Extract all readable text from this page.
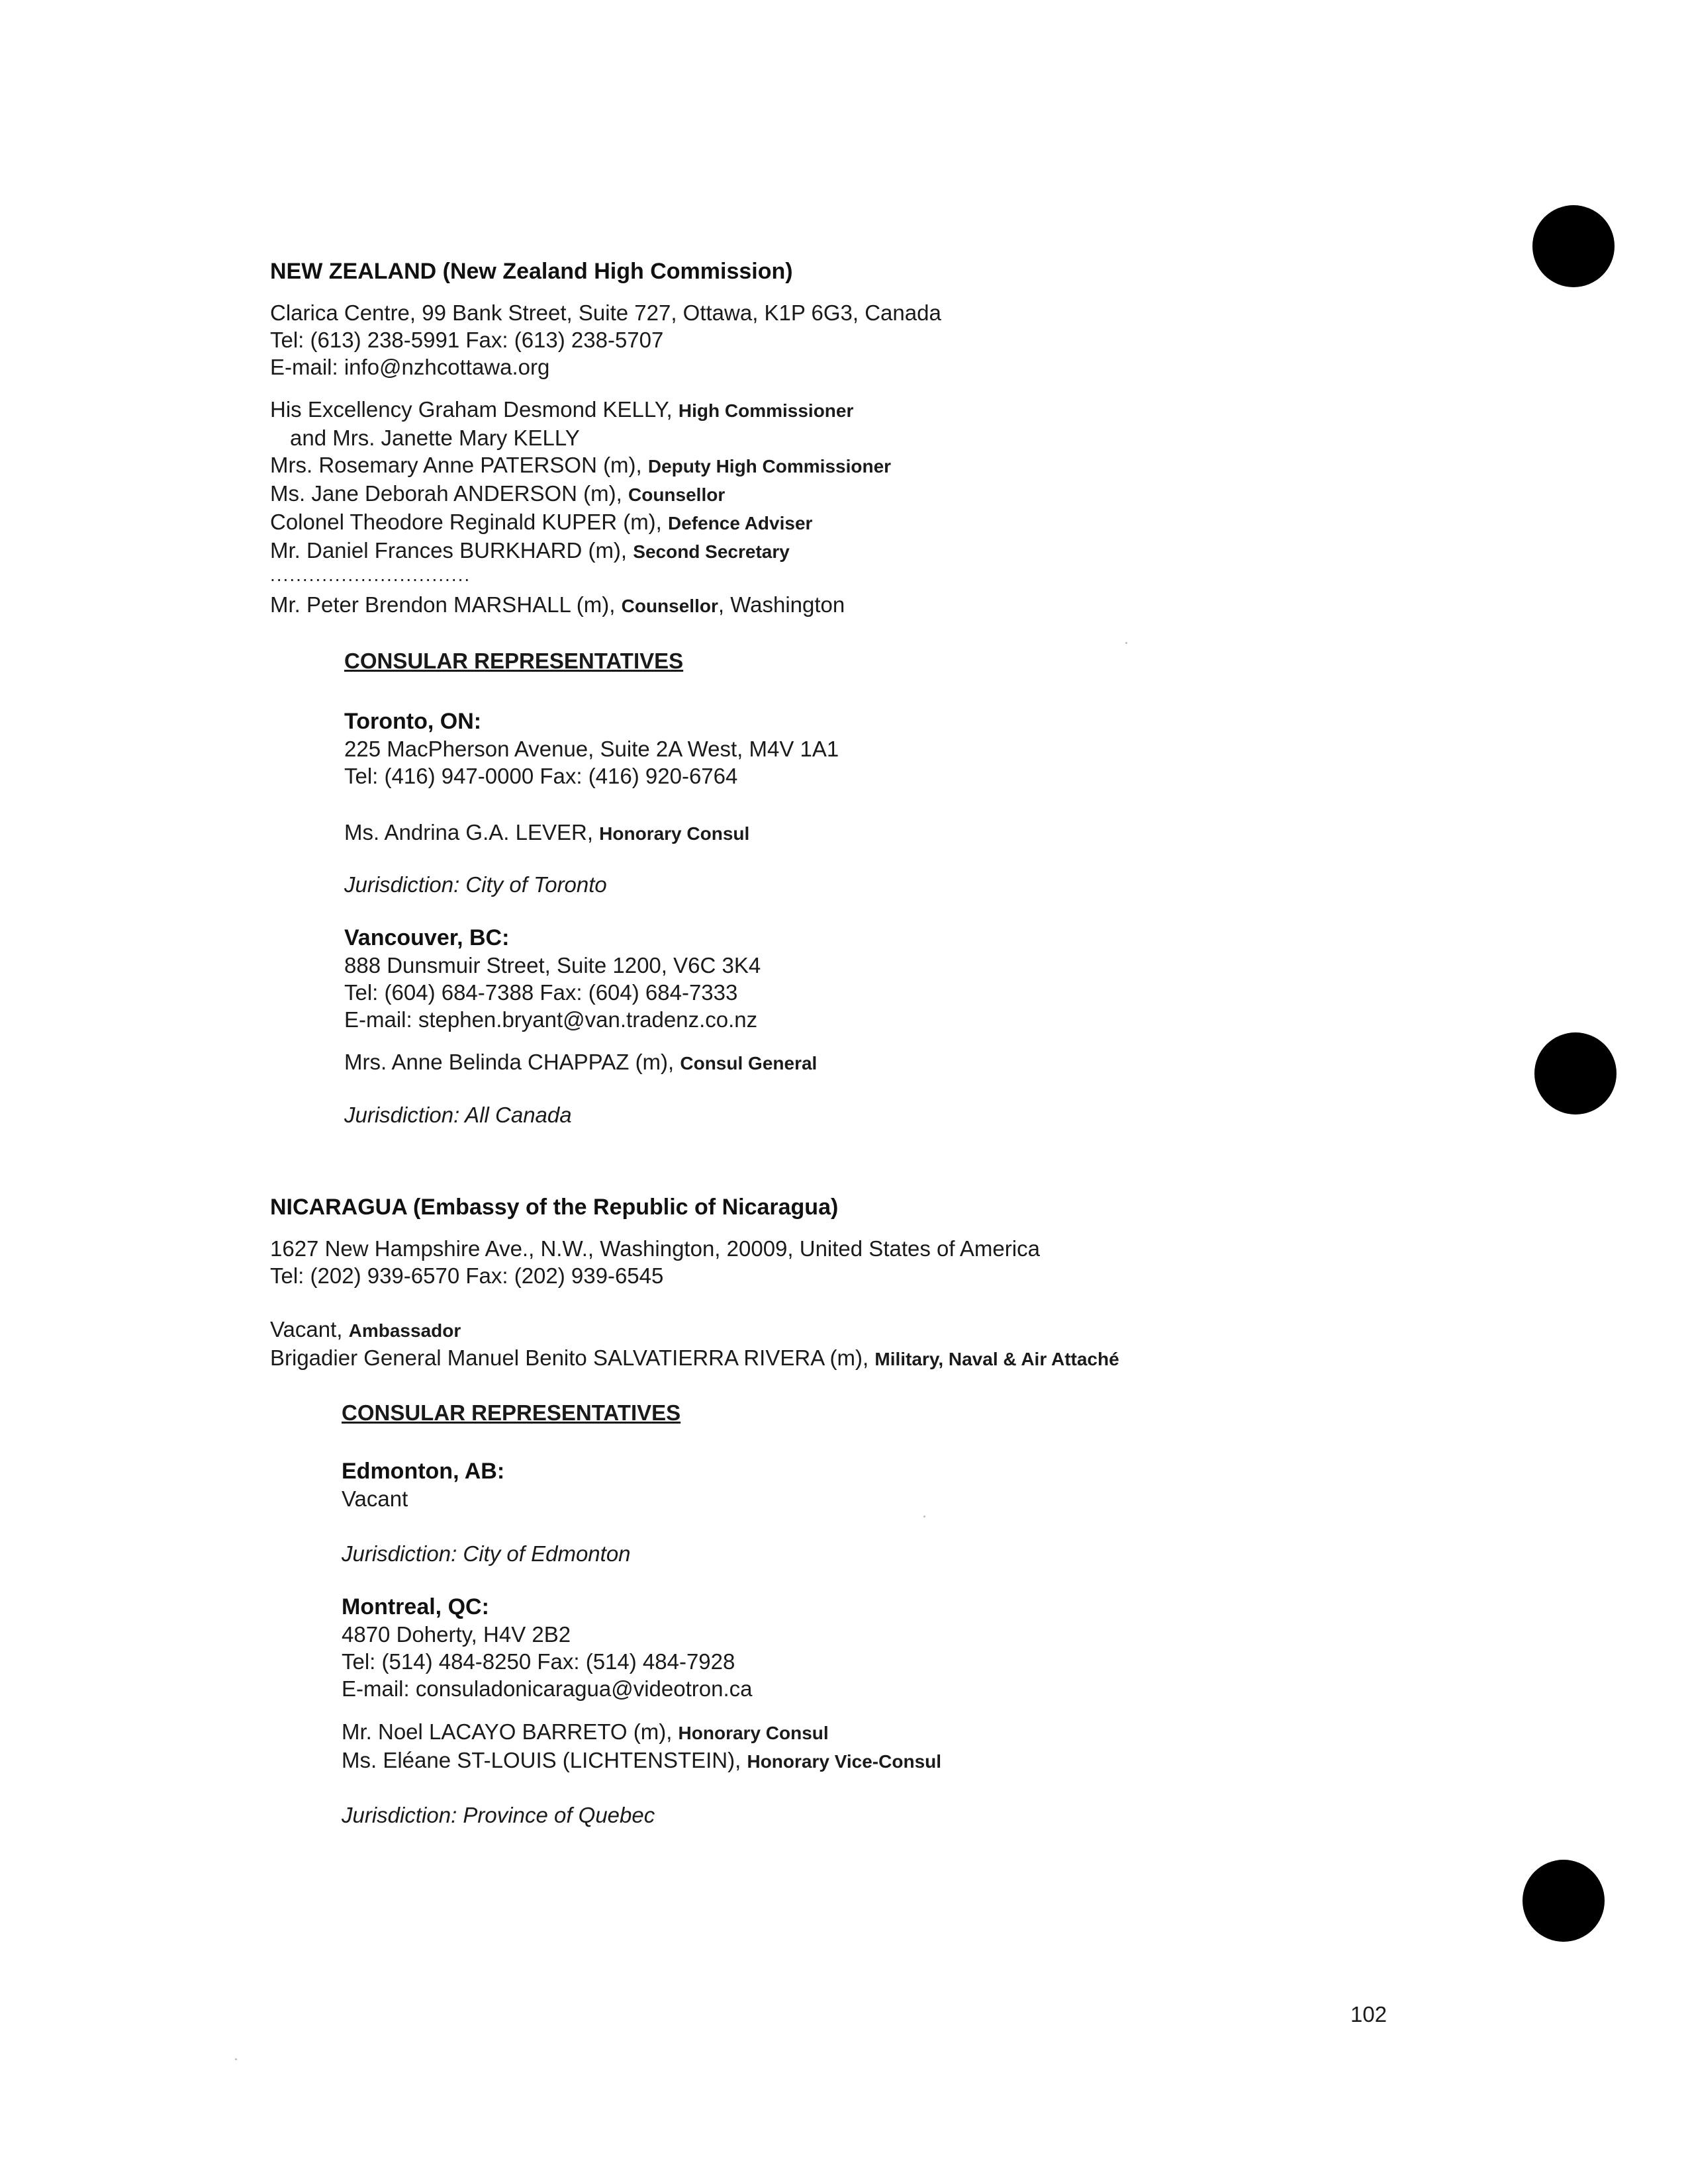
NEW ZEALAND (New Zealand High Commission)
Clarica Centre, 99 Bank Street, Suite 727, Ottawa, K1P 6G3, Canada
Tel: (613) 238-5991 Fax: (613) 238-5707
E-mail: info@nzhcottawa.org
His Excellency Graham Desmond KELLY, High Commissioner
and Mrs. Janette Mary KELLY
Mrs. Rosemary Anne PATERSON (m), Deputy High Commissioner
Ms. Jane Deborah ANDERSON (m), Counsellor
Colonel Theodore Reginald KUPER (m), Defence Adviser
Mr. Daniel Frances BURKHARD (m), Second Secretary
...............................
Mr. Peter Brendon MARSHALL (m), Counsellor, Washington
CONSULAR REPRESENTATIVES
Toronto, ON:
225 MacPherson Avenue, Suite 2A West, M4V 1A1
Tel: (416) 947-0000 Fax: (416) 920-6764
Ms. Andrina G.A. LEVER, Honorary Consul
Jurisdiction: City of Toronto
Vancouver, BC:
888 Dunsmuir Street, Suite 1200, V6C 3K4
Tel: (604) 684-7388 Fax: (604) 684-7333
E-mail: stephen.bryant@van.tradenz.co.nz
Mrs. Anne Belinda CHAPPAZ (m), Consul General
Jurisdiction: All Canada
NICARAGUA (Embassy of the Republic of Nicaragua)
1627 New Hampshire Ave., N.W., Washington, 20009, United States of America
Tel: (202) 939-6570 Fax: (202) 939-6545
Vacant, Ambassador
Brigadier General Manuel Benito SALVATIERRA RIVERA (m), Military, Naval & Air Attaché
CONSULAR REPRESENTATIVES
Edmonton, AB:
Vacant
Jurisdiction: City of Edmonton
Montreal, QC:
4870 Doherty, H4V 2B2
Tel: (514) 484-8250 Fax: (514) 484-7928
E-mail: consuladonicaragua@videotron.ca
Mr. Noel LACAYO BARRETO (m), Honorary Consul
Ms. Eléane ST-LOUIS (LICHTENSTEIN), Honorary Vice-Consul
Jurisdiction: Province of Quebec
102
